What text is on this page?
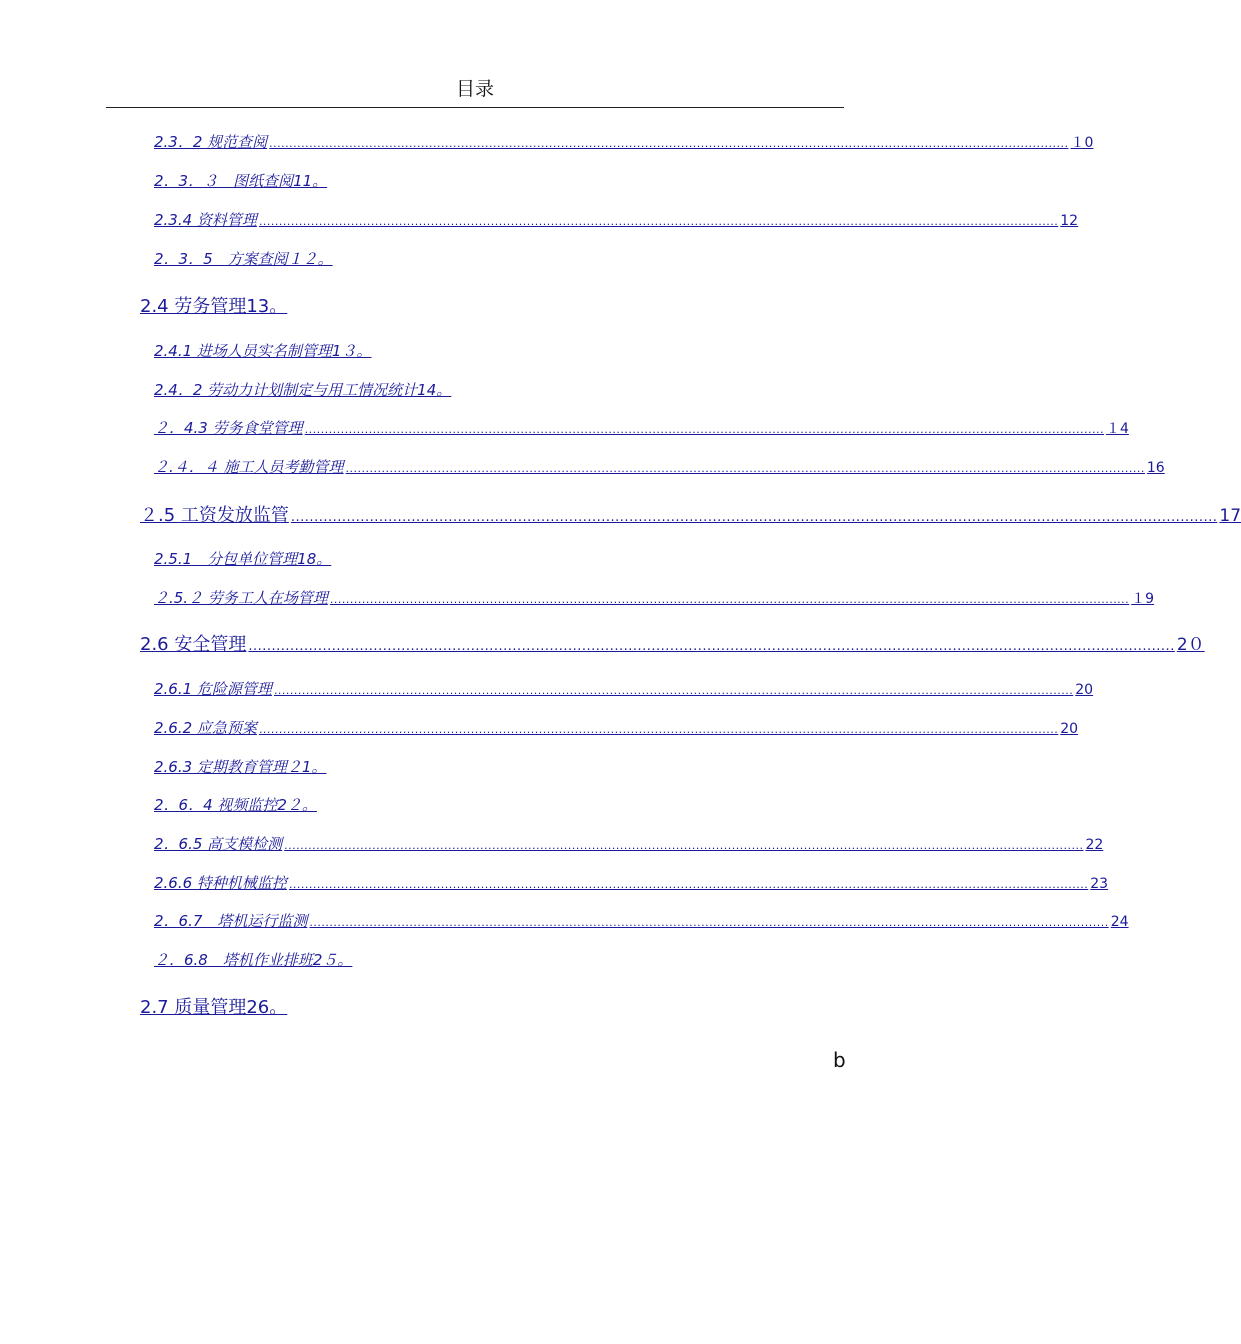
目录
2.3．2 规范查阅 ........................................................................................................................................................................................................ １0
2．3．３　图纸查阅11。
2.3.4 资料管理 ........................................................................................................................................................................................................ 12
2．3．5　方案查阅１２。
2.4 劳务管理13。
2.4.1 进场人员实名制管理1３。
2.4．2 劳动力计划制定与用工情况统计14。
２．4.3 劳务食堂管理 ........................................................................................................................................................................................................ １4
２.４．４ 施工人员考勤管理 ........................................................................................................................................................................................................ 16
２.5 工资发放监管 ........................................................................................................................................................................................................ 17
2.5.1　分包单位管理18。
２.5.２ 劳务工人在场管理 ........................................................................................................................................................................................................ １9
2.6 安全管理 ........................................................................................................................................................................................................ 2０
2.6.1 危险源管理 ........................................................................................................................................................................................................ 20
2.6.2 应急预案 ........................................................................................................................................................................................................ 20
2.6.3 定期教育管理２1。
2．6．4 视频监控2２。
2．6.5 高支模检测 ........................................................................................................................................................................................................ 22
2.6.6 特种机械监控 ........................................................................................................................................................................................................ 23
2．6.7　塔机运行监测 ........................................................................................................................................................................................................ 24
２．6.8　塔机作业排班2５。
2.7 质量管理26。
b
